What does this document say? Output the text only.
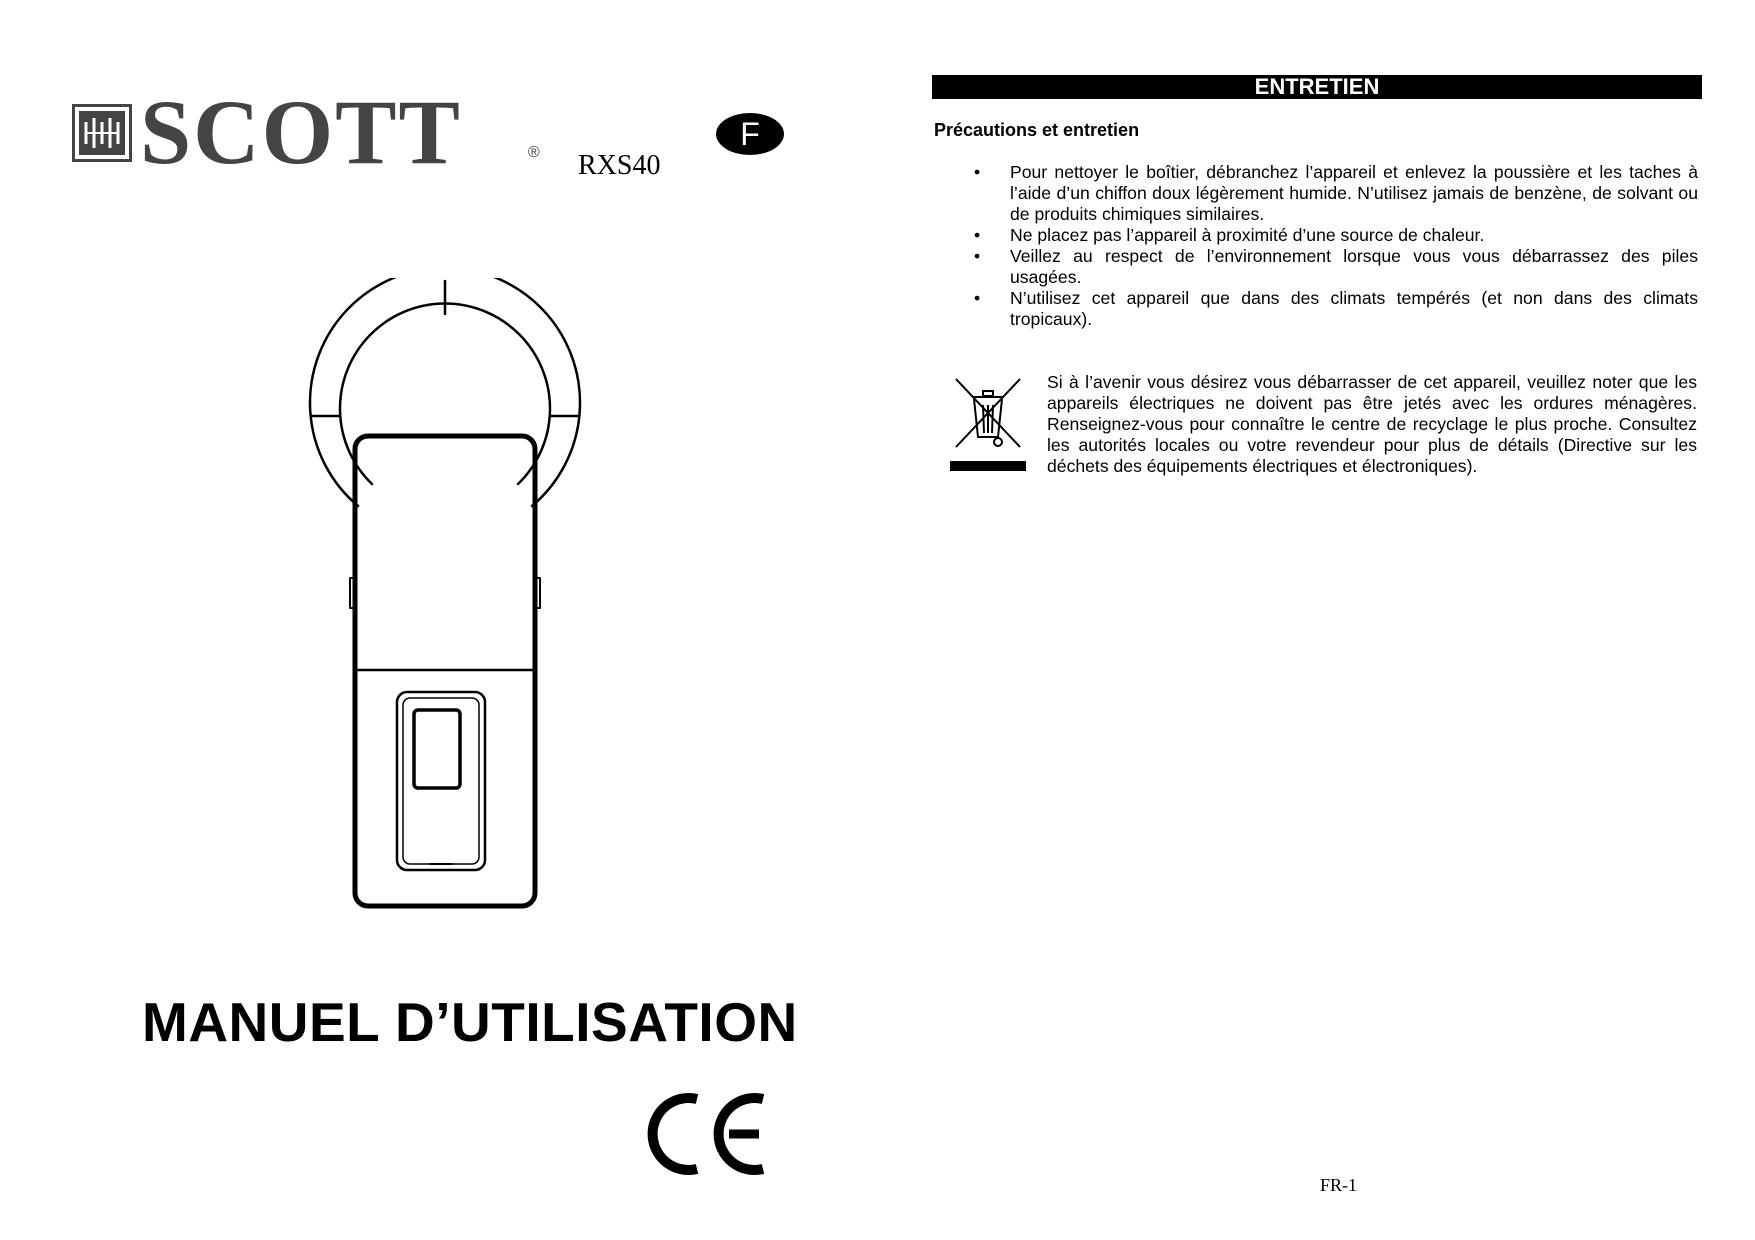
SCOTT	® RXS40
F
MANUEL D’UTILISATION
ENTRETIEN
Précautions et entretien
• Pour nettoyer le boîtier, débranchez l’appareil et enlevez la poussière et les taches à l’aide d’un chiffon doux légèrement humide. N’utilisez jamais de benzène, de solvant ou de produits chimiques similaires.
• Ne placez pas l’appareil à proximité d’une source de chaleur.
• Veillez au respect de l’environnement lorsque vous vous débarrassez des piles usagées.
• N’utilisez cet appareil que dans des climats tempérés (et non dans des climats tropicaux).
Si à l’avenir vous désirez vous débarrasser de cet appareil, veuillez noter que les appareils électriques ne doivent pas être jetés avec les ordures ménagères. Renseignez-vous pour connaître le centre de recyclage le plus proche. Consultez les autorités locales ou votre revendeur pour plus de détails (Directive sur les déchets des équipements électriques et électroniques).
FR-1
